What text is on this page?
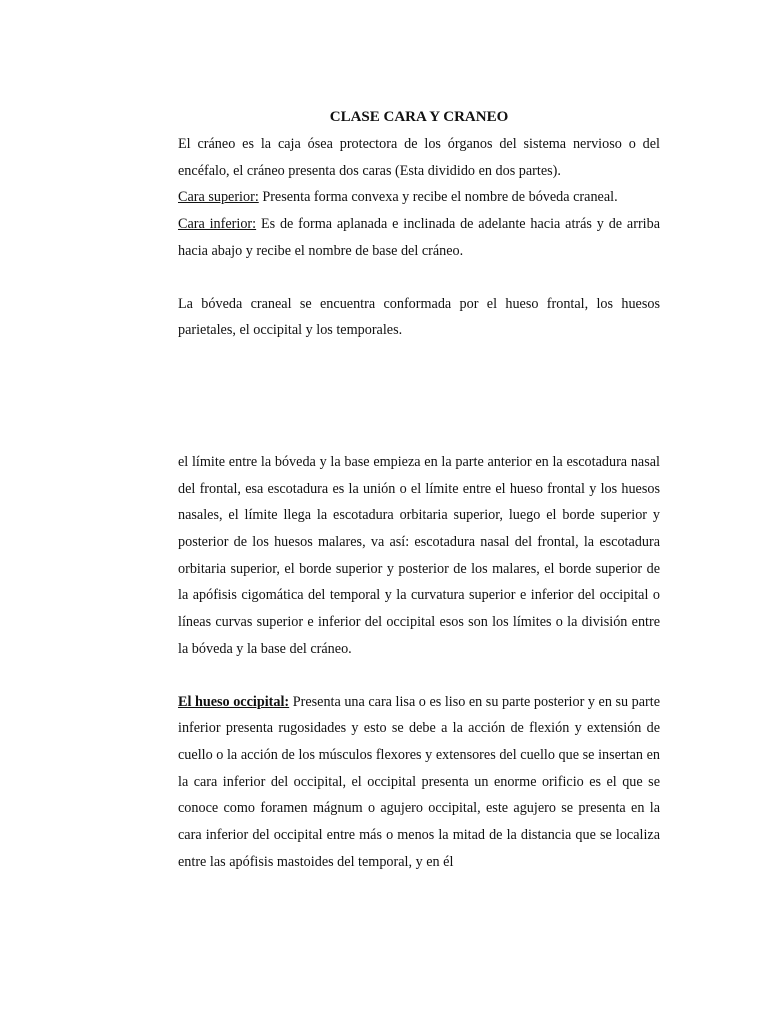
CLASE CARA Y CRANEO

El cráneo es la caja ósea protectora de los órganos del sistema nervioso o del encéfalo, el cráneo presenta dos caras (Esta dividido en dos partes).

Cara superior: Presenta forma convexa y recibe el nombre de bóveda craneal.

Cara inferior: Es de forma aplanada e inclinada de adelante hacia atrás y de arriba hacia abajo y recibe el nombre de base del cráneo.

La bóveda craneal se encuentra conformada por el hueso frontal, los huesos parietales, el occipital y los temporales.

el límite entre la bóveda y la base empieza en la parte anterior en la escotadura nasal del frontal, esa escotadura es la unión o el límite entre el hueso frontal y los huesos nasales, el límite llega la escotadura orbitaria superior, luego el borde superior y posterior de los huesos malares, va así: escotadura nasal del frontal, la escotadura orbitaria superior, el borde superior y posterior de los malares, el borde superior de la apófisis cigomática del temporal y la curvatura superior e inferior del occipital o líneas curvas superior e inferior del occipital esos son los límites o la división entre la bóveda y la base del cráneo.

El hueso occipital: Presenta una cara lisa o es liso en su parte posterior y en su parte inferior presenta rugosidades y esto se debe a la acción de flexión y extensión de cuello o la acción de los músculos flexores y extensores del cuello que se insertan en la cara inferior del occipital, el occipital presenta un enorme orificio es el que se conoce como foramen mágnum o agujero occipital, este agujero se presenta en la cara inferior del occipital entre más o menos la mitad de la distancia que se localiza entre las apófisis mastoides del temporal, y en él
